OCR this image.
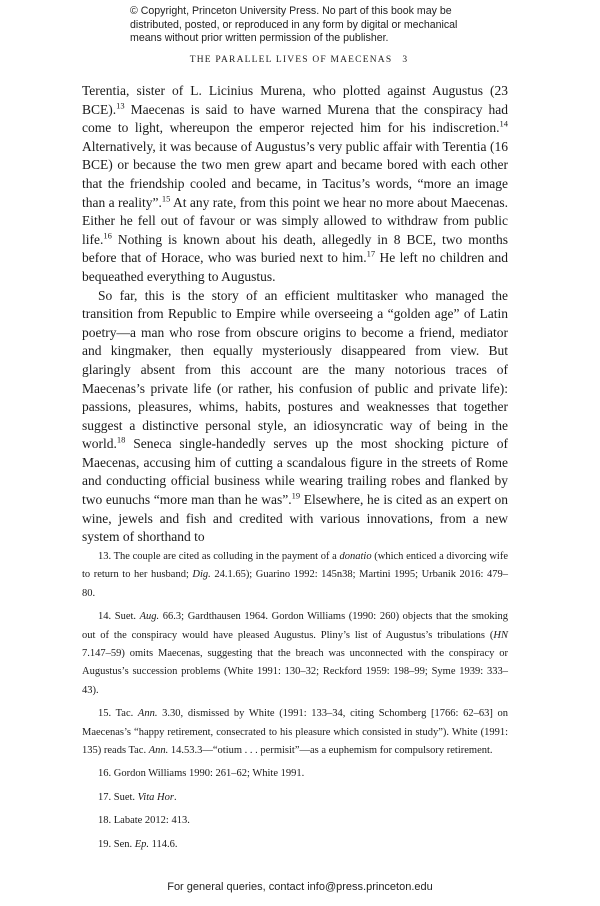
© Copyright, Princeton University Press. No part of this book may be distributed, posted, or reproduced in any form by digital or mechanical means without prior written permission of the publisher.
THE PARALLEL LIVES OF MAECENAS 3

Terentia, sister of L. Licinius Murena, who plotted against Augustus (23 BCE).$^{13}$ Maecenas is said to have warned Murena that the conspiracy had come to light, whereupon the emperor rejected him for his indiscretion.$^{14}$ Alternatively, it was because of Augustus’s very public affair with Terentia (16 BCE) or because the two men grew apart and became bored with each other that the friendship cooled and became, in Tacitus’s words, “more an image than a reality”.$^{15}$ At any rate, from this point we hear no more about Maecenas. Either he fell out of favour or was simply allowed to withdraw from public life.$^{16}$ Nothing is known about his death, allegedly in 8 BCE, two months before that of Horace, who was buried next to him.$^{17}$ He left no children and bequeathed everything to Augustus.

So far, this is the story of an efficient multitasker who managed the transition from Republic to Empire while overseeing a “golden age” of Latin poetry—a man who rose from obscure origins to become a friend, mediator and kingmaker, then equally mysteriously disappeared from view. But glaringly absent from this account are the many notorious traces of Maecenas’s private life (or rather, his confusion of public and private life): passions, pleasures, whims, habits, postures and weaknesses that together suggest a distinctive personal style, an idiosyncratic way of being in the world.$^{18}$ Seneca single-handedly serves up the most shocking picture of Maecenas, accusing him of cutting a scandalous figure in the streets of Rome and conducting official business while wearing trailing robes and flanked by two eunuchs “more man than he was”.$^{19}$ Elsewhere, he is cited as an expert on wine, jewels and fish and credited with various innovations, from a new system of shorthand to

13. The couple are cited as colluding in the payment of a donatio (which enticed a divorcing wife to return to her husband; Dig. 24.1.65); Guarino 1992: 145n38; Martini 1995; Urbanik 2016: 479–80.

14. Suet. Aug. 66.3; Gardthausen 1964. Gordon Williams (1990: 260) objects that the smoking out of the conspiracy would have pleased Augustus. Pliny’s list of Augustus’s tribulations (HN 7.147–59) omits Maecenas, suggesting that the breach was unconnected with the conspiracy or Augustus’s succession problems (White 1991: 130–32; Reckford 1959: 198–99; Syme 1939: 333–43).

15. Tac. Ann. 3.30, dismissed by White (1991: 133–34, citing Schomberg [1766: 62–63] on Maecenas’s “happy retirement, consecrated to his pleasure which consisted in study”). White (1991: 135) reads Tac. Ann. 14.53.3—“otium . . . permisit”—as a euphemism for compulsory retirement.

16. Gordon Williams 1990: 261–62; White 1991.

17. Suet. Vita Hor.

18. Labate 2012: 413.

19. Sen. Ep. 114.6.

For general queries, contact info@press.princeton.edu
